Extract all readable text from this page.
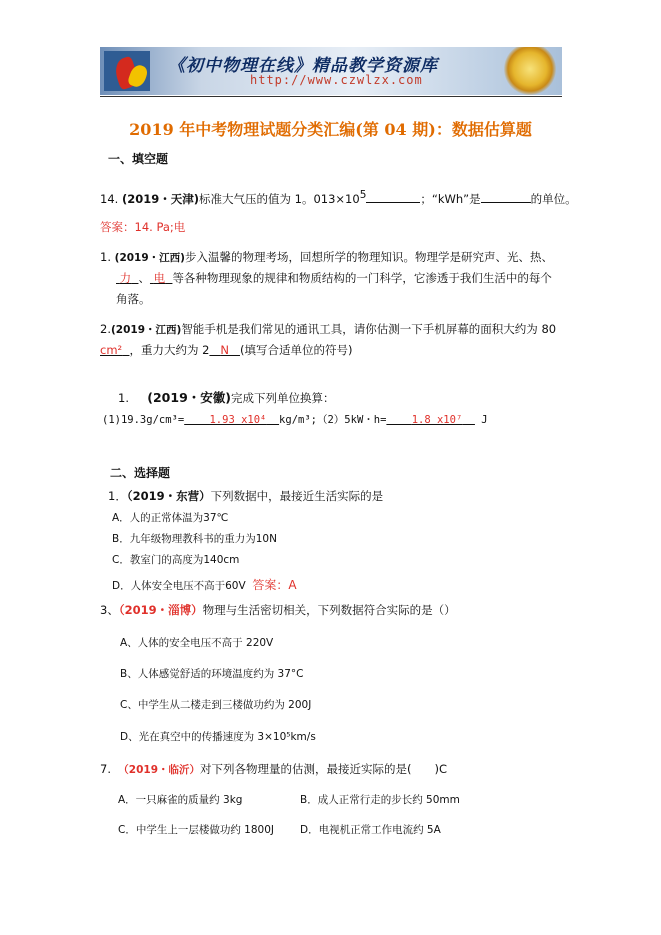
《初中物理在线》精品教学资源库
http://www.czwlzx.com
2019 年中考物理试题分类汇编(第 04 期)：数据估算题
一、填空题
14. (2019・天津)标准大气压的值为 1。$013\times 10^5$	；“kWh”是	的单位。
答案：14. Pa;电
1. (2019・江西)步入温馨的物理考场，回想所学的物理知识。物理学是研究声、光、热、
力 、 电 等各种物理现象的规律和物质结构的一门科学，它渗透于我们生活中的每个
角落。
2.(2019・江西)智能手机是我们常见的通讯工具，请你估测一下手机屏幕的面积大约为 80
cm² ，重力大约为 2 N (填写合适单位的符号)
1. (2019・安徽)完成下列单位换算：
(1)19.3g/cm³= 1.93 x10⁴ kg/m³;（2）5kW・h= 1.8 x10⁷ J
二、选择题
1．（2019・东营）下列数据中，最接近生活实际的是
A．人的正常体温为37℃
B．九年级物理教科书的重力为10N
C．教室门的高度为140cm
D．人体安全电压不高于60V 答案：A
3、（2019・淄博）物理与生活密切相关，下列数据符合实际的是（）
A、人体的安全电压不高于 220V
B、人体感觉舒适的环境温度约为 37°C
C、中学生从二楼走到三楼做功约为 200J
D、光在真空中的传播速度为 3×10⁵km/s
7. （2019・临沂）对下列各物理量的估测，最接近实际的是(　　)C
A．一只麻雀的质量约 3kg	B．成人正常行走的步长约 50mm
C．中学生上一层楼做功约 1800J D．电视机正常工作电流约 5A
